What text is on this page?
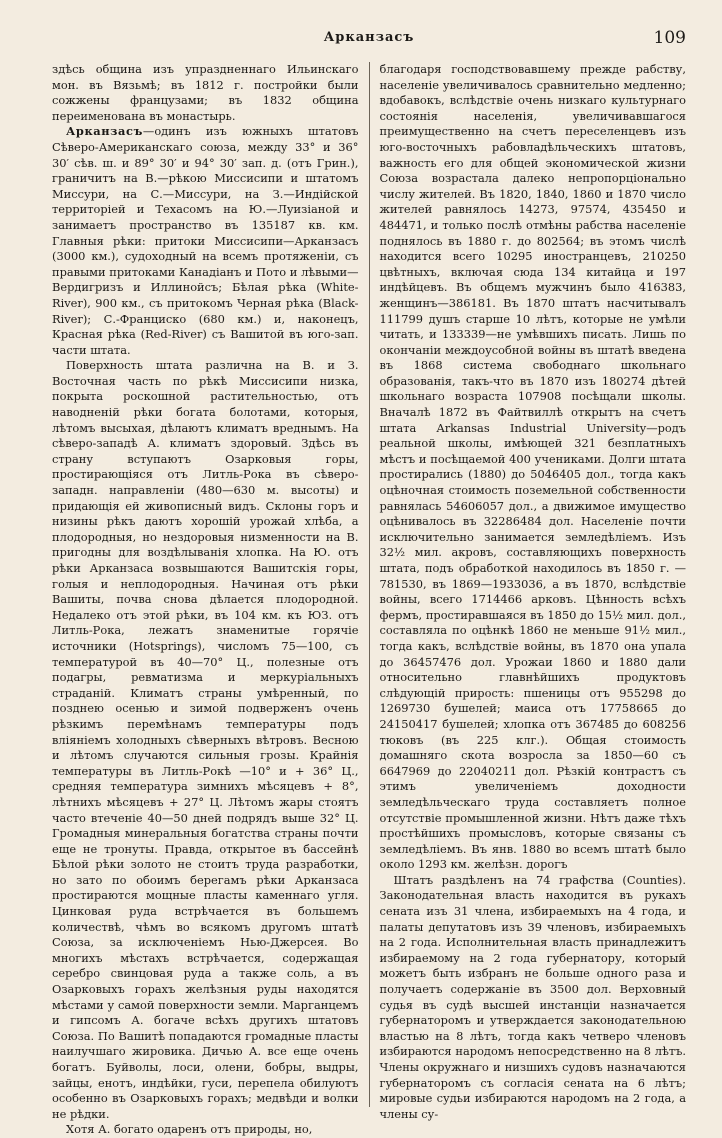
Арканзасъ	109

здѣсь община изъ упраздненнаго Ильинскаго мон. въ Вязьмѣ; въ 1812 г. постройки были сожжены французами; въ 1832 община переименована въ монастырь.

Арканзасъ—одинъ изъ южныхъ штатовъ Сѣверо-Американскаго союза, между 33° и 36° 30′ сѣв. ш. и 89° 30′ и 94° 30′ зап. д. (отъ Грин.), граничитъ на В.—рѣкою Миссисипи и штатомъ Миссури, на С.—Миссури, на З.—Индійской территоріей и Техасомъ на Ю.—Луизіаной и занимаетъ пространство въ 135187 кв. км. Главныя рѣки: притоки Миссисипи—Арканзасъ (3000 км.), судоходный на всемъ протяженіи, съ правыми притоками Канадіанъ и Пото и лѣвыми—Вердигризъ и Иллинойсъ; Бѣлая рѣка (White-River), 900 км., съ притокомъ Черная рѣка (Black-River); С.-Франциско (680 км.) и, наконецъ, Красная рѣка (Red-River) съ Вашитой въ юго-зап. части штата.

Поверхность штата различна на В. и З. Восточная часть по рѣкѣ Миссисипи низка, покрыта роскошной растительностью, отъ наводненій рѣки богата болотами, которыя, лѣтомъ высыхая, дѣлаютъ климатъ вреднымъ. На сѣверо-западѣ А. климатъ здоровый. Здѣсь въ страну вступаютъ Озарковыя горы, простирающіяся отъ Литль-Рока въ сѣверо-западн. направленіи (480—630 м. высоты) и придающія ей живописный видъ. Склоны горъ и низины рѣкъ даютъ хорошій урожай хлѣба, а плодородныя, но нездоровыя низменности на В. пригодны для воздѣлыванія хлопка. На Ю. отъ рѣки Арканзаса возвышаются Вашитскія горы, голыя и неплодородныя. Начиная отъ рѣки Вашиты, почва снова дѣлается плодородной. Недалеко отъ этой рѣки, въ 104 км. къ ЮЗ. отъ Литль-Рока, лежатъ знаменитые горячіе источники (Hotsprings), числомъ 75—100, съ температурой въ 40—70° Ц., полезные отъ подагры, ревматизма и меркуріальныхъ страданій. Климатъ страны умѣренный, по позднею осенью и зимой подверженъ очень рѣзкимъ перемѣнамъ температуры подъ вліяніемъ холодныхъ сѣверныхъ вѣтровъ. Весною и лѣтомъ случаются сильныя грозы. Крайнія температуры въ Литль-Рокѣ —10° и + 36° Ц., средняя температура зимнихъ мѣсяцевъ + 8°, лѣтнихъ мѣсяцевъ + 27° Ц. Лѣтомъ жары стоятъ часто втеченіе 40—50 дней подрядъ выше 32° Ц. Громадныя минеральныя богатства страны почти еще не тронуты. Правда, открытое въ бассейнѣ Бѣлой рѣки золото не стоитъ труда разработки, но зато по обоимъ берегамъ рѣки Арканзаса простираются мощные пласты каменнаго угля. Цинковая руда встрѣчается въ большемъ количествѣ, чѣмъ во всякомъ другомъ штатѣ Союза, за исключеніемъ Нью-Джерсея. Во многихъ мѣстахъ встрѣчается, содержащая серебро свинцовая руда а также соль, а въ Озарковыхъ горахъ желѣзныя руды находятся мѣстами у самой поверхности земли. Марганцемъ и гипсомъ А. богаче всѣхъ другихъ штатовъ Союза. По Вашитѣ попадаются громадные пласты наилучшаго жировика. Дичью А. все еще очень богатъ. Буйволы, лоси, олени, бобры, выдры, зайцы, енотъ, индѣйки, гуси, перепела обилуютъ особенно въ Озарковыхъ горахъ; медвѣди и волки не рѣдки.

Хотя А. богато одаренъ отъ природы, но,

благодаря господствовавшему прежде рабству, населеніе увеличивалось сравнительно медленно; вдобавокъ, вслѣдствіе очень низкаго культурнаго состоянія населенія, увеличивавшагося преимущественно на счетъ переселенцевъ изъ юго-восточныхъ рабовладѣльческихъ штатовъ, важность его для общей экономической жизни Союза возрастала далеко непропорціонально числу жителей. Въ 1820, 1840, 1860 и 1870 число жителей равнялось 14273, 97574, 435450 и 484471, и только послѣ отмѣны рабства населеніе поднялось въ 1880 г. до 802564; въ этомъ числѣ находится всего 10295 иностранцевъ, 210250 цвѣтныхъ, включая сюда 134 китайца и 197 индѣйцевъ. Въ общемъ мужчинъ было 416383, женщинъ—386181. Въ 1870 штатъ насчитывалъ 111799 душъ старше 10 лѣтъ, которые не умѣли читать, и 133339—не умѣвшихъ писать. Лишь по окончаніи междоусобной войны въ штатѣ введена въ 1868 система свободнаго школьнаго образованія, такъ-что въ 1870 изъ 180274 дѣтей школьнаго возраста 107908 посѣщали школы. Вначалѣ 1872 въ Файтвиллѣ открытъ на счетъ штата Arkansas Industrial University—родъ реальной школы, имѣющей 321 безплатныхъ мѣстъ и посѣщаемой 400 учениками. Долги штата простирались (1880) до 5046405 дол., тогда какъ оцѣночная стоимость поземельной собственности равнялась 54606057 дол., а движимое имущество оцѣнивалось въ 32286484 дол. Населеніе почти исключительно занимается земледѣліемъ. Изъ 32½ мил. акровъ, составляющихъ поверхность штата, подъ обработкой находилось въ 1850 г. — 781530, въ 1869—1933036, а въ 1870, вслѣдствіе войны, всего 1714466 арковъ. Цѣнность всѣхъ фермъ, простиравшаяся въ 1850 до 15½ мил. дол., составляла по оцѣнкѣ 1860 не меньше 91½ мил., тогда какъ, вслѣдствіе войны, въ 1870 она упала до 36457476 дол. Урожаи 1860 и 1880 дали относительно главнѣйшихъ продуктовъ слѣдующій прирость: пшеницы отъ 955298 до 1269730 бушелей; маиса отъ 17758665 до 24150417 бушелей; хлопка отъ 367485 до 608256 тюковъ (въ 225 клг.). Общая стоимость домашняго скота возросла за 1850—60 съ 6647969 до 22040211 дол. Рѣзкій контрастъ съ этимъ увеличеніемъ доходности земледѣльческаго труда составляетъ полное отсутствіе промышленной жизни. Нѣтъ даже тѣхъ простѣйшихъ промысловъ, которые связаны съ земледѣліемъ. Въ янв. 1880 во всемъ штатѣ было около 1293 км. желѣзн. дорогъ

Штатъ раздѣленъ на 74 графства (Counties). Законодательная власть находится въ рукахъ сената изъ 31 члена, избираемыхъ на 4 года, и палаты депутатовъ изъ 39 членовъ, избираемыхъ на 2 года. Исполнительная власть принадлежитъ избираемому на 2 года губернатору, который можетъ быть избранъ не больше одного раза и получаетъ содержаніе въ 3500 дол. Верховный судья въ судѣ высшей инстанціи назначается губернаторомъ и утверждается законодательною властью на 8 лѣтъ, тогда какъ четверо членовъ избираются народомъ непосредственно на 8 лѣтъ. Члены окружнаго и низшихъ судовъ назначаются губернаторомъ съ согласія сената на 6 лѣтъ; мировые судьи избираются народомъ на 2 года, а члены су-
